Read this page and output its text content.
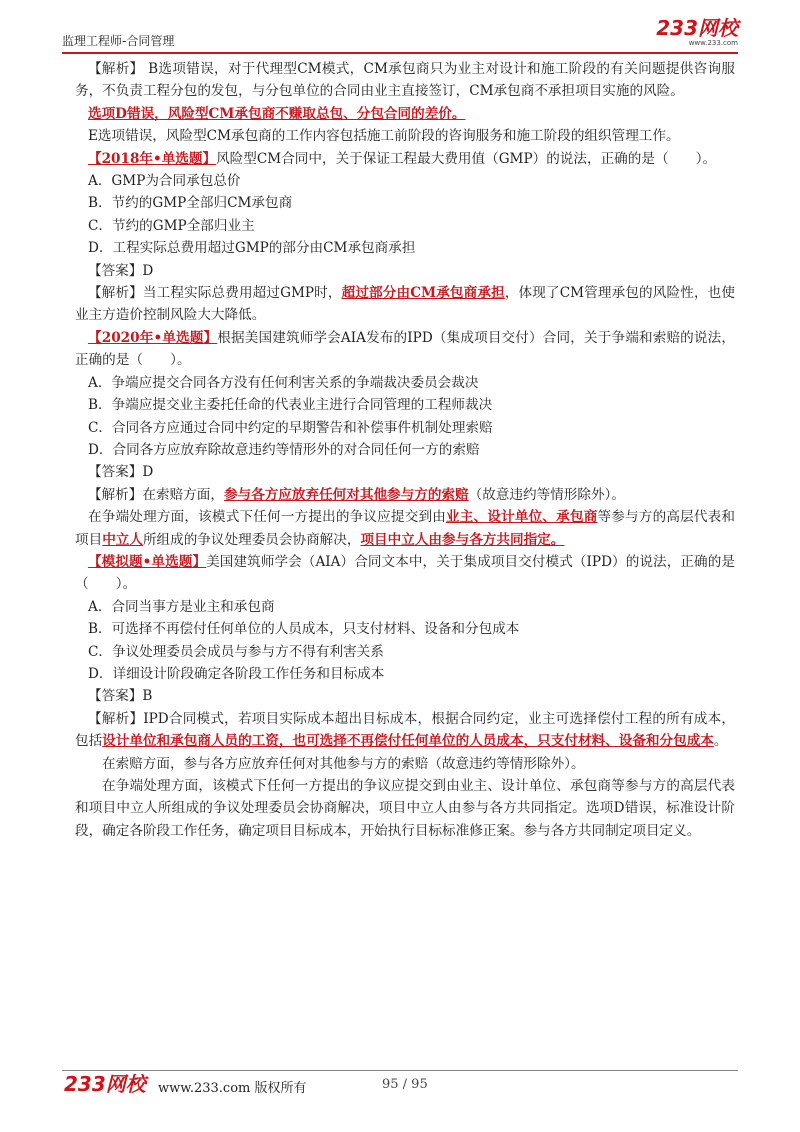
监理工程师-合同管理
233网校
www.233.com

【解析】 B选项错误，对于代理型CM模式，CM承包商只为业主对设计和施工阶段的有关问题提供咨询服务，不负责工程分包的发包，与分包单位的合同由业主直接签订，CM承包商不承担项目实施的风险。

选项D错误，风险型CM承包商不赚取总包、分包合同的差价。

E选项错误，风险型CM承包商的工作内容包括施工前阶段的咨询服务和施工阶段的组织管理工作。

【2018年•单选题】风险型CM合同中，关于保证工程最大费用值（GMP）的说法，正确的是（　　）。

A．GMP为合同承包总价

B．节约的GMP全部归CM承包商

C．节约的GMP全部归业主

D．工程实际总费用超过GMP的部分由CM承包商承担

【答案】D

【解析】当工程实际总费用超过GMP时，超过部分由CM承包商承担，体现了CM管理承包的风险性，也使业主方造价控制风险大大降低。

【2020年•单选题】根据美国建筑师学会AIA发布的IPD（集成项目交付）合同，关于争端和索赔的说法，正确的是（　　）。

A．争端应提交合同各方没有任何利害关系的争端裁决委员会裁决

B．争端应提交业主委托任命的代表业主进行合同管理的工程师裁决

C．合同各方应通过合同中约定的早期警告和补偿事件机制处理索赔

D．合同各方应放弃除故意违约等情形外的对合同任何一方的索赔

【答案】D

【解析】在索赔方面，参与各方应放弃任何对其他参与方的索赔（故意违约等情形除外）。

在争端处理方面，该模式下任何一方提出的争议应提交到由业主、设计单位、承包商等参与方的高层代表和项目中立人所组成的争议处理委员会协商解决，项目中立人由参与各方共同指定。

【模拟题•单选题】美国建筑师学会（AIA）合同文本中，关于集成项目交付模式（IPD）的说法，正确的是（　　）。

A．合同当事方是业主和承包商

B．可选择不再偿付任何单位的人员成本，只支付材料、设备和分包成本

C．争议处理委员会成员与参与方不得有利害关系

D．详细设计阶段确定各阶段工作任务和目标成本

【答案】B

【解析】IPD合同模式，若项目实际成本超出目标成本，根据合同约定，业主可选择偿付工程的所有成本，包括设计单位和承包商人员的工资，也可选择不再偿付任何单位的人员成本，只支付材料、设备和分包成本。

在索赔方面，参与各方应放弃任何对其他参与方的索赔（故意违约等情形除外）。

在争端处理方面，该模式下任何一方提出的争议应提交到由业主、设计单位、承包商等参与方的高层代表和项目中立人所组成的争议处理委员会协商解决，项目中立人由参与各方共同指定。选项D错误，标准设计阶段，确定各阶段工作任务，确定项目目标成本，开始执行目标标准修正案。参与各方共同制定项目定义。

233网校 www.233.com 版权所有	95 / 95
